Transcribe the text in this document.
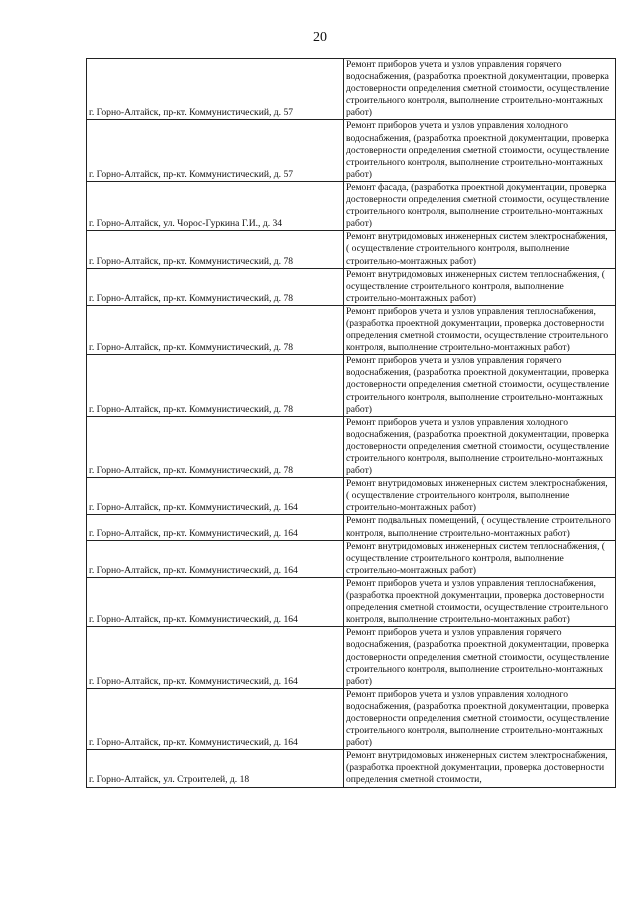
20
г. Горно-Алтайск, пр-кт. Коммунистический, д. 57	Ремонт приборов учета и узлов управления горячего водоснабжения, (разработка проектной документации, проверка достоверности определения сметной стоимости, осуществление строительного контроля, выполнение строительно-монтажных работ)
г. Горно-Алтайск, пр-кт. Коммунистический, д. 57	Ремонт приборов учета и узлов управления холодного водоснабжения, (разработка проектной документации, проверка достоверности определения сметной стоимости, осуществление строительного контроля, выполнение строительно-монтажных работ)
г. Горно-Алтайск, ул. Чорос-Гуркина Г.И., д. 34	Ремонт фасада, (разработка проектной документации, проверка достоверности определения сметной стоимости, осуществление строительного контроля, выполнение строительно-монтажных работ)
г. Горно-Алтайск, пр-кт. Коммунистический, д. 78	Ремонт внутридомовых инженерных систем электроснабжения, ( осуществление строительного контроля, выполнение строительно-монтажных работ)
г. Горно-Алтайск, пр-кт. Коммунистический, д. 78	Ремонт внутридомовых инженерных систем теплоснабжения, ( осуществление строительного контроля, выполнение строительно-монтажных работ)
г. Горно-Алтайск, пр-кт. Коммунистический, д. 78	Ремонт приборов учета и узлов управления теплоснабжения, (разработка проектной документации, проверка достоверности определения сметной стоимости, осуществление строительного контроля, выполнение строительно-монтажных работ)
г. Горно-Алтайск, пр-кт. Коммунистический, д. 78	Ремонт приборов учета и узлов управления горячего водоснабжения, (разработка проектной документации, проверка достоверности определения сметной стоимости, осуществление строительного контроля, выполнение строительно-монтажных работ)
г. Горно-Алтайск, пр-кт. Коммунистический, д. 78	Ремонт приборов учета и узлов управления холодного водоснабжения, (разработка проектной документации, проверка достоверности определения сметной стоимости, осуществление строительного контроля, выполнение строительно-монтажных работ)
г. Горно-Алтайск, пр-кт. Коммунистический, д. 164	Ремонт внутридомовых инженерных систем электроснабжения, ( осуществление строительного контроля, выполнение строительно-монтажных работ)
г. Горно-Алтайск, пр-кт. Коммунистический, д. 164	Ремонт подвальных помещений, ( осуществление строительного контроля, выполнение строительно-монтажных работ)
г. Горно-Алтайск, пр-кт. Коммунистический, д. 164	Ремонт внутридомовых инженерных систем теплоснабжения, ( осуществление строительного контроля, выполнение строительно-монтажных работ)
г. Горно-Алтайск, пр-кт. Коммунистический, д. 164	Ремонт приборов учета и узлов управления теплоснабжения, (разработка проектной документации, проверка достоверности определения сметной стоимости, осуществление строительного контроля, выполнение строительно-монтажных работ)
г. Горно-Алтайск, пр-кт. Коммунистический, д. 164	Ремонт приборов учета и узлов управления горячего водоснабжения, (разработка проектной документации, проверка достоверности определения сметной стоимости, осуществление строительного контроля, выполнение строительно-монтажных работ)
г. Горно-Алтайск, пр-кт. Коммунистический, д. 164	Ремонт приборов учета и узлов управления холодного водоснабжения, (разработка проектной документации, проверка достоверности определения сметной стоимости, осуществление строительного контроля, выполнение строительно-монтажных работ)
г. Горно-Алтайск, ул. Строителей, д. 18	Ремонт внутридомовых инженерных систем электроснабжения, (разработка проектной документации, проверка достоверности определения сметной стоимости,
